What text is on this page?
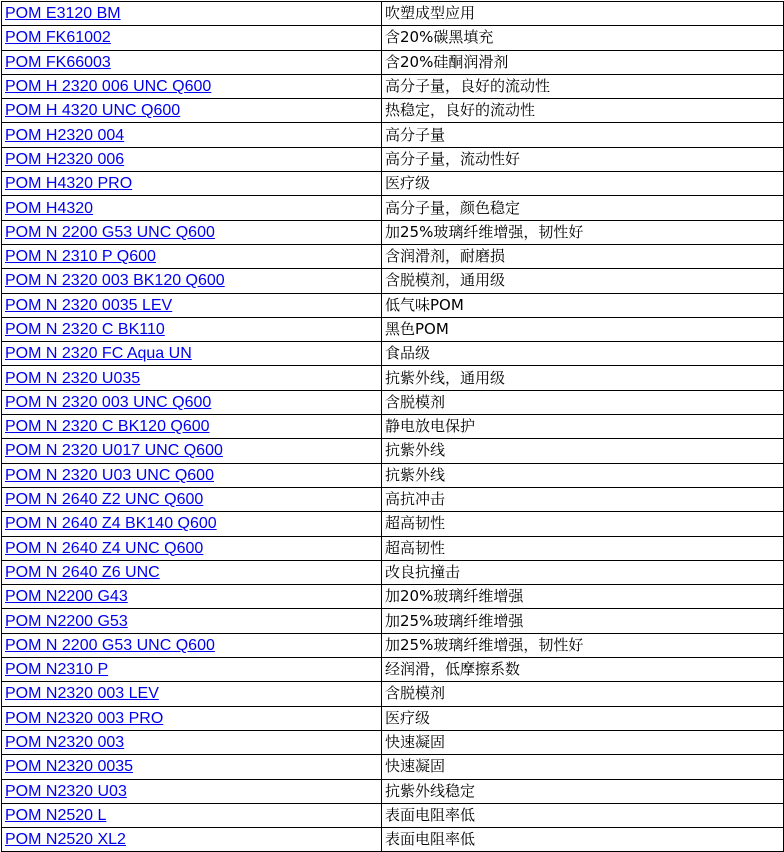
POM E3120 BM	吹塑成型应用
POM FK61002	含20%碳黑填充
POM FK66003	含20%硅酮润滑剂
POM H 2320 006 UNC Q600	高分子量，良好的流动性
POM H 4320 UNC Q600	热稳定，良好的流动性
POM H2320 004	高分子量
POM H2320 006	高分子量，流动性好
POM H4320 PRO	医疗级
POM H4320	高分子量，颜色稳定
POM N 2200 G53 UNC Q600	加25%玻璃纤维增强，韧性好
POM N 2310 P Q600	含润滑剂，耐磨损
POM N 2320 003 BK120 Q600	含脱模剂，通用级
POM N 2320 0035 LEV	低气味POM
POM N 2320 C BK110	黑色POM
POM N 2320 FC Aqua UN	食品级
POM N 2320 U035	抗紫外线，通用级
POM N 2320 003 UNC Q600	含脱模剂
POM N 2320 C BK120 Q600	静电放电保护
POM N 2320 U017 UNC Q600	抗紫外线
POM N 2320 U03 UNC Q600	抗紫外线
POM N 2640 Z2 UNC Q600	高抗冲击
POM N 2640 Z4 BK140 Q600	超高韧性
POM N 2640 Z4 UNC Q600	超高韧性
POM N 2640 Z6 UNC	改良抗撞击
POM N2200 G43	加20%玻璃纤维增强
POM N2200 G53	加25%玻璃纤维增强
POM N 2200 G53 UNC Q600	加25%玻璃纤维增强，韧性好
POM N2310 P	经润滑，低摩擦系数
POM N2320 003 LEV	含脱模剂
POM N2320 003 PRO	医疗级
POM N2320 003	快速凝固
POM N2320 0035	快速凝固
POM N2320 U03	抗紫外线稳定
POM N2520 L	表面电阻率低
POM N2520 XL2	表面电阻率低
